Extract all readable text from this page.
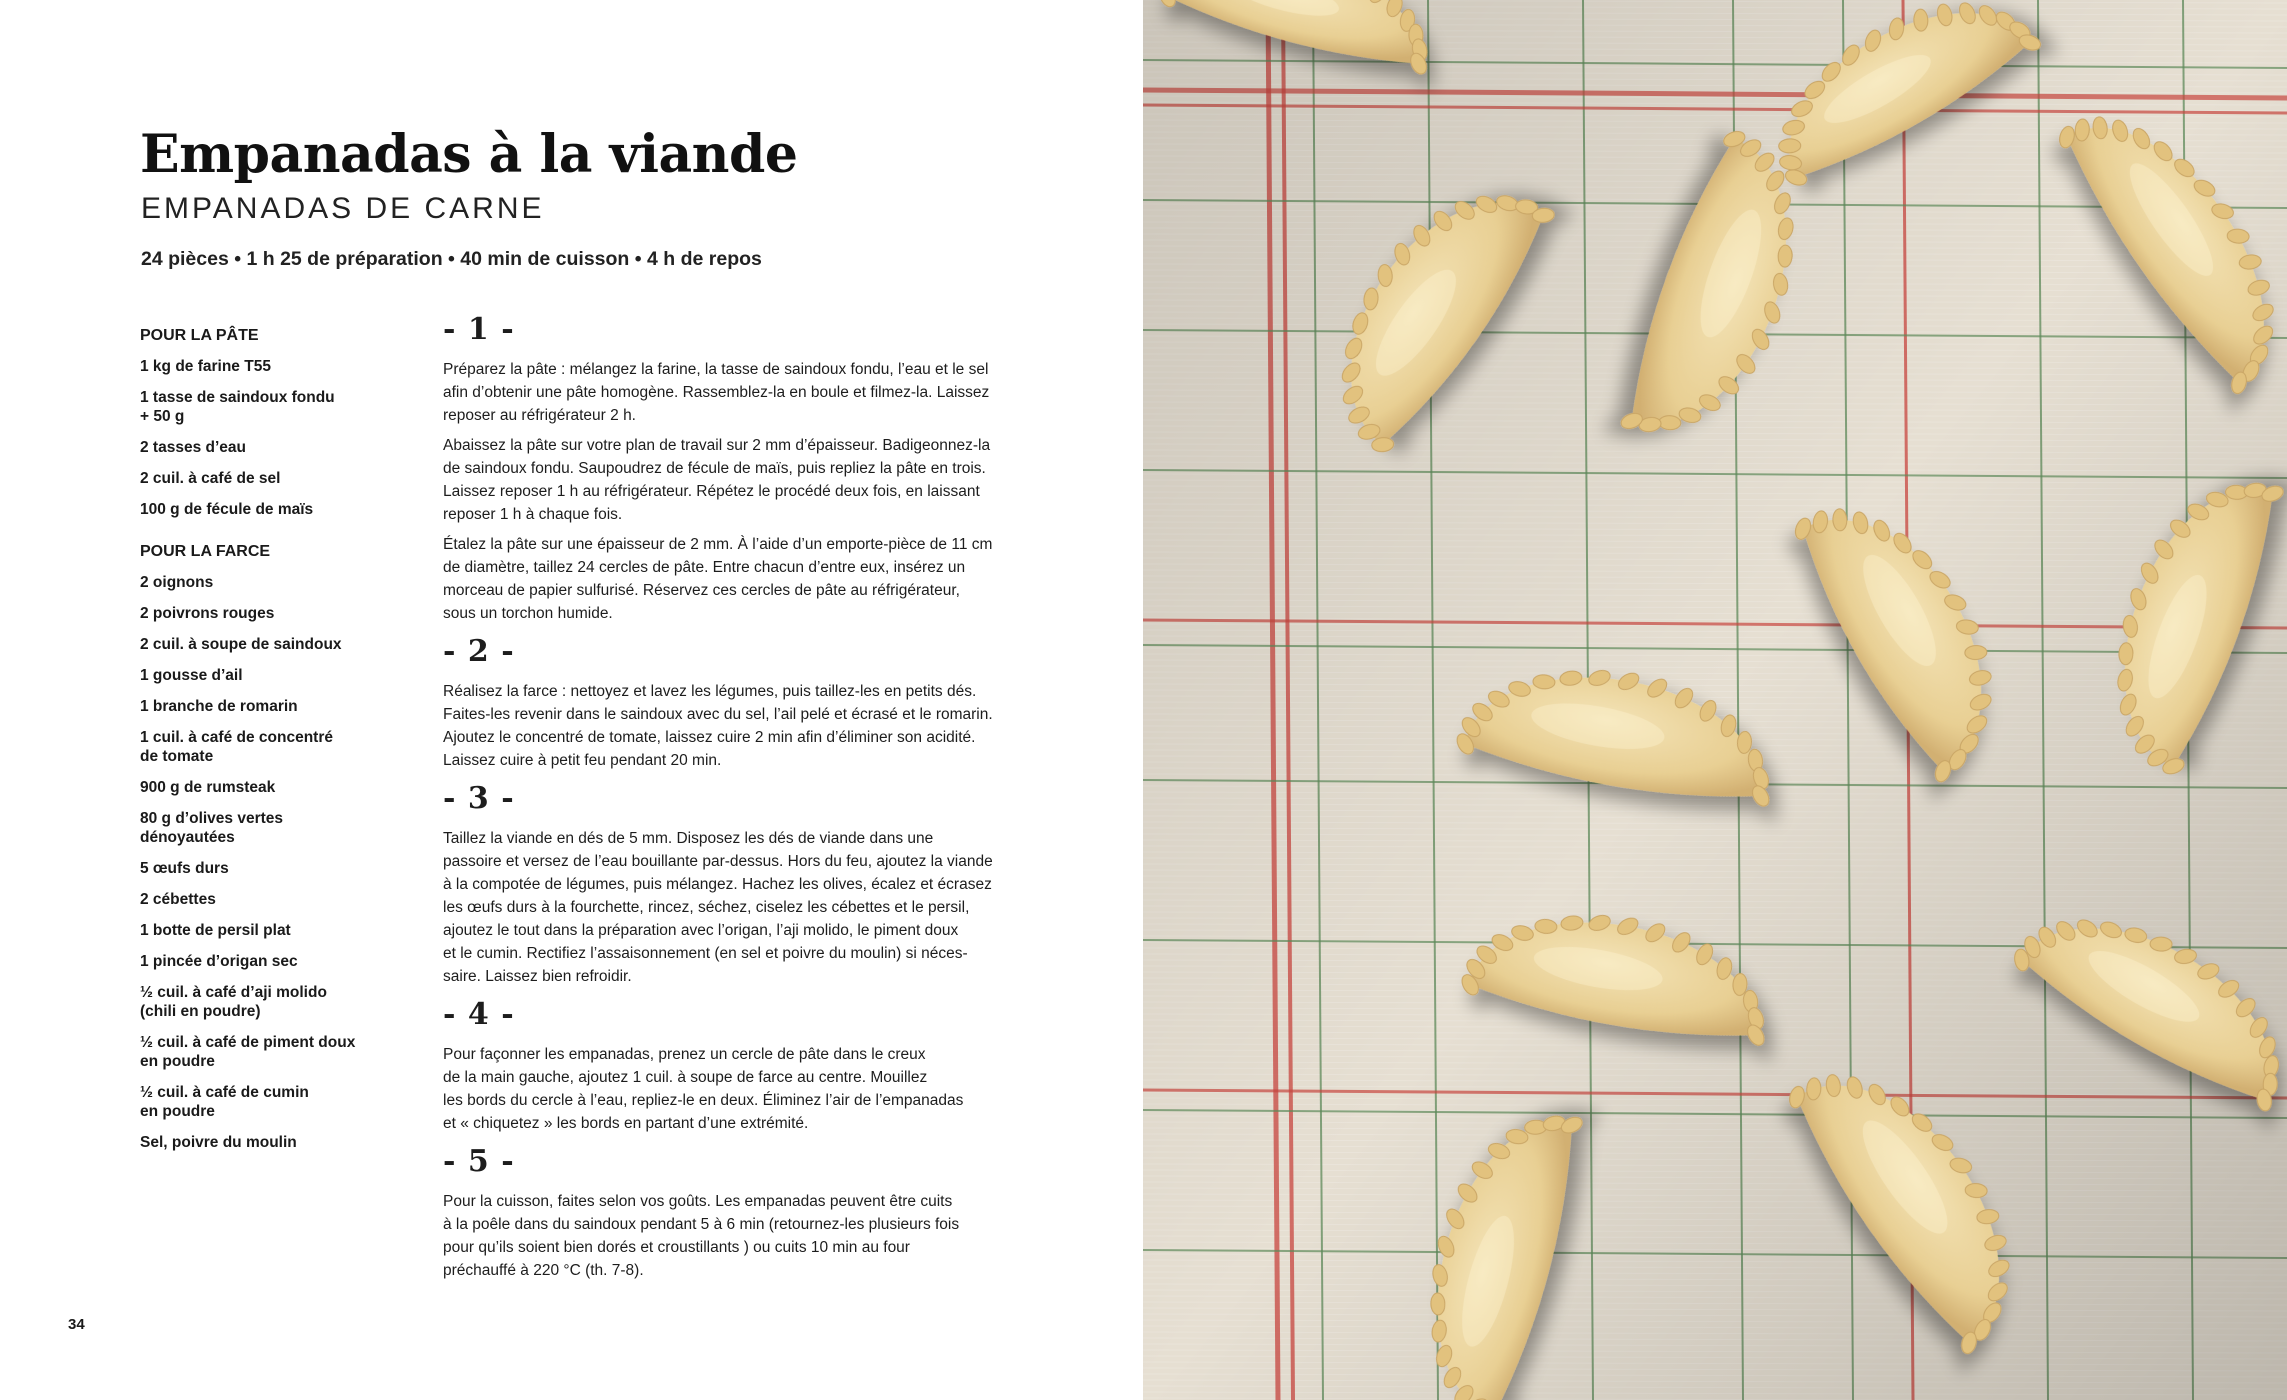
Empanadas à la viande
EMPANADAS DE CARNE
24 pièces • 1 h 25 de préparation • 40 min de cuisson • 4 h de repos
POUR LA PÂTE
1 kg de farine T55
1 tasse de saindoux fondu
+ 50 g
2 tasses d’eau
2 cuil. à café de sel
100 g de fécule de maïs
POUR LA FARCE
2 oignons
2 poivrons rouges
2 cuil. à soupe de saindoux
1 gousse d’ail
1 branche de romarin
1 cuil. à café de concentré
de tomate
900 g de rumsteak
80 g d’olives vertes
dénoyautées
5 œufs durs
2 cébettes
1 botte de persil plat
1 pincée d’origan sec
½ cuil. à café d’aji molido
(chili en poudre)
½ cuil. à café de piment doux
en poudre
½ cuil. à café de cumin
en poudre
Sel, poivre du moulin
- 1 -

Préparez la pâte : mélangez la farine, la tasse de saindoux fondu, l’eau et le sel
afin d’obtenir une pâte homogène. Rassemblez-la en boule et filmez-la. Laissez
reposer au réfrigérateur 2 h.

Abaissez la pâte sur votre plan de travail sur 2 mm d’épaisseur. Badigeonnez-la
de saindoux fondu. Saupoudrez de fécule de maïs, puis repliez la pâte en trois.
Laissez reposer 1 h au réfrigérateur. Répétez le procédé deux fois, en laissant
reposer 1 h à chaque fois.

Étalez la pâte sur une épaisseur de 2 mm. À l’aide d’un emporte-pièce de 11 cm
de diamètre, taillez 24 cercles de pâte. Entre chacun d’entre eux, insérez un
morceau de papier sulfurisé. Réservez ces cercles de pâte au réfrigérateur,
sous un torchon humide.

- 2 -

Réalisez la farce : nettoyez et lavez les légumes, puis taillez-les en petits dés.
Faites-les revenir dans le saindoux avec du sel, l’ail pelé et écrasé et le romarin.
Ajoutez le concentré de tomate, laissez cuire 2 min afin d’éliminer son acidité.
Laissez cuire à petit feu pendant 20 min.

- 3 -

Taillez la viande en dés de 5 mm. Disposez les dés de viande dans une
passoire et versez de l’eau bouillante par-dessus. Hors du feu, ajoutez la viande
à la compotée de légumes, puis mélangez. Hachez les olives, écalez et écrasez
les œufs durs à la fourchette, rincez, séchez, ciselez les cébettes et le persil,
ajoutez le tout dans la préparation avec l’origan, l’aji molido, le piment doux
et le cumin. Rectifiez l’assaisonnement (en sel et poivre du moulin) si néces-
saire. Laissez bien refroidir.

- 4 -

Pour façonner les empanadas, prenez un cercle de pâte dans le creux
de la main gauche, ajoutez 1 cuil. à soupe de farce au centre. Mouillez
les bords du cercle à l’eau, repliez-le en deux. Éliminez l’air de l’empanadas
et « chiquetez » les bords en partant d’une extrémité.

- 5 -

Pour la cuisson, faites selon vos goûts. Les empanadas peuvent être cuits
à la poêle dans du saindoux pendant 5 à 6 min (retournez-les plusieurs fois
pour qu’ils soient bien dorés et croustillants ) ou cuits 10 min au four
préchauffé à 220 °C (th. 7-8).

34
